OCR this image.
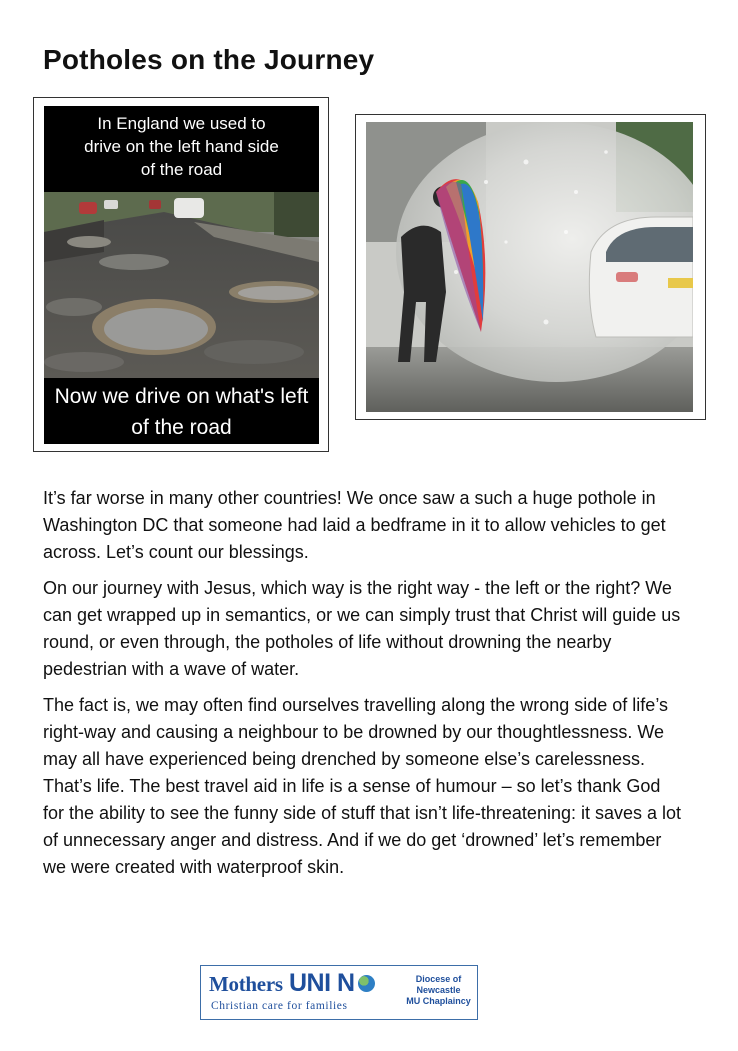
Potholes on the Journey
In England we used to drive on the left hand side of the road
Now we drive on what's left of the road

It’s far worse in many other countries! We once saw a such a huge pothole in Washington DC that someone had laid a bedframe in it to allow vehicles to get across. Let’s count our blessings.

On our journey with Jesus, which way is the right way - the left or the right? We can get wrapped up in semantics, or we can simply trust that Christ will guide us round, or even through, the potholes of life without drowning the nearby pedestrian with a wave of water.

The fact is, we may often find ourselves travelling along the wrong side of life’s right-way and causing a neighbour to be drowned by our thoughtlessness. We may all have experienced being drenched by someone else’s carelessness. That’s life. The best travel aid in life is a sense of humour – so let’s thank God for the ability to see the funny side of stuff that isn’t life-threatening: it saves a lot of unnecessary anger and distress. And if we do get ‘drowned’ let’s remember we were created with waterproof skin.

Mothers UNI N
Christian care for families
Diocese of
Newcastle
MU Chaplaincy
